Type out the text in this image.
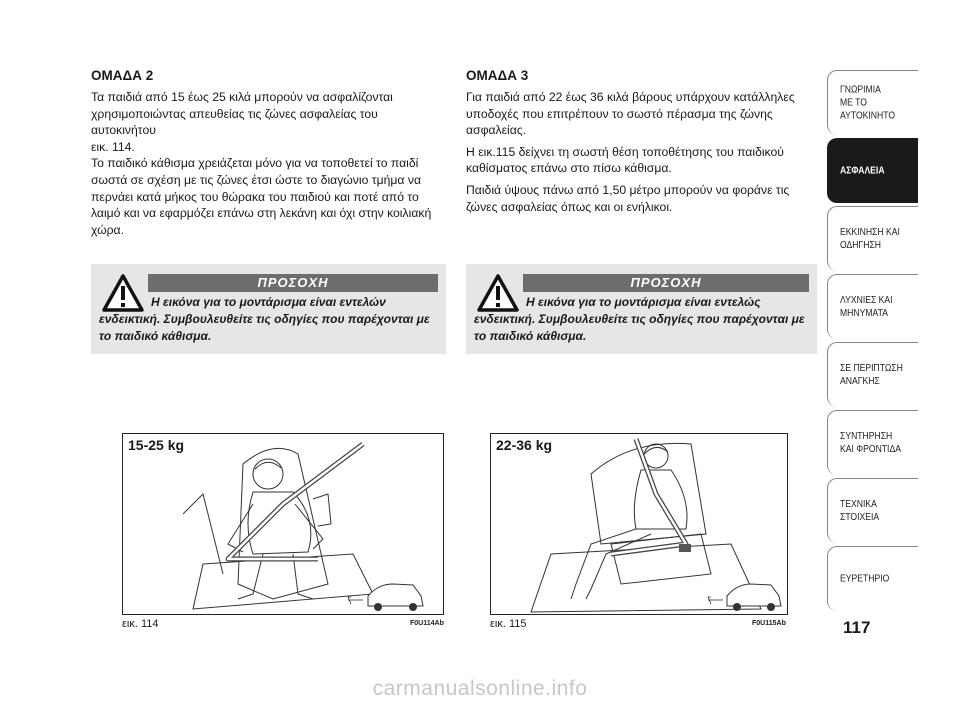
ΟΜΑΔΑ 2
Τα παιδιά από 15 έως 25 κιλά μπορούν να ασφαλίζονται χρησιμοποιώντας απευθείας τις ζώνες ασφαλείας του αυτοκινήτου
εικ. 114.
Το παιδικό κάθισμα χρειάζεται μόνο για να τοποθετεί το παιδί σωστά σε σχέση με τις ζώνες έτσι ώστε το διαγώνιο τμήμα να περνάει κατά μήκος του θώρακα του παιδιού και ποτέ από το λαιμό και να εφαρμόζει επάνω στη λεκάνη και όχι στην κοιλιακή χώρα.
ΟΜΑΔΑ 3
Για παιδιά από 22 έως 36 κιλά βάρους υπάρχουν κατάλληλες υποδοχές που επιτρέπουν το σωστό πέρασμα της ζώνης ασφαλείας.
Η εικ.115 δείχνει τη σωστή θέση τοποθέτησης του παιδικού καθίσματος επάνω στο πίσω κάθισμα.
Παιδιά ύψους πάνω από 1,50 μέτρο μπορούν να φοράνε τις ζώνες ασφαλείας όπως και οι ενήλικοι.
ΠΡΟΣΟΧΗ
Η εικόνα για το μοντάρισμα είναι εντελών ενδεικτική. Συμβουλευθείτε τις οδηγίες που παρέχονται με το παιδικό κάθισμα.
ΠΡΟΣΟΧΗ
Η εικόνα για το μοντάρισμα είναι εντελώς ενδεικτική. Συμβουλευθείτε τις οδηγίες που παρέχονται με το παιδικό κάθισμα.
15-25 kg
εικ. 114	F0U114Ab
22-36 kg
εικ. 115	F0U115Ab
ΓΝΩΡΙΜΙΑ
ΜΕ ΤΟ
ΑΥΤΟΚΙΝΗΤΟ
ΑΣΦΑΛΕΙΑ
ΕΚΚΙΝΗΣΗ ΚΑΙ
ΟΔΗΓΗΣΗ
ΛΥΧΝΙΕΣ ΚΑΙ
ΜΗΝΥΜΑΤΑ
ΣΕ ΠΕΡΙΠΤΩΣΗ
ΑΝΑΓΚΗΣ
ΣΥΝΤΗΡΗΣΗ
ΚΑΙ ΦΡΟΝΤΙΔΑ
ΤΕΧΝΙΚΑ
ΣΤΟΙΧΕΙΑ
ΕΥΡΕΤΗΡΙΟ
117
carmanualsonline.info
